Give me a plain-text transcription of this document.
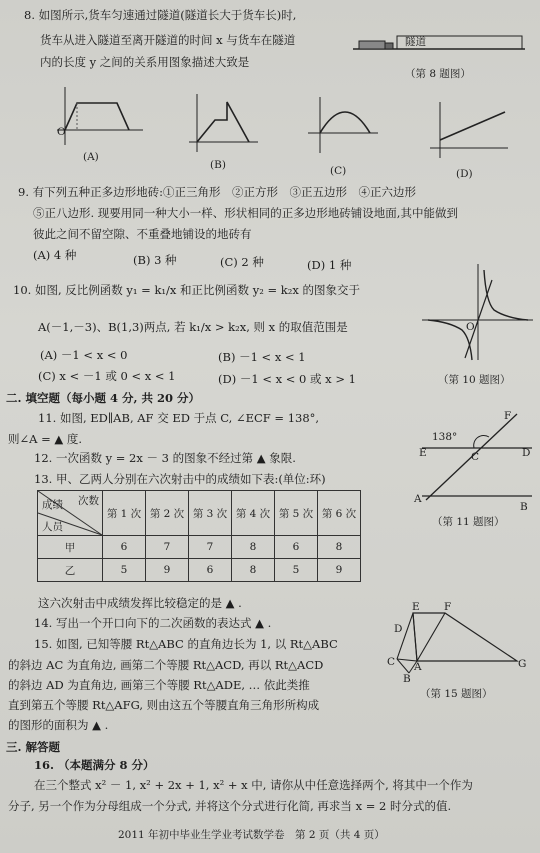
8. 如图所示,货车匀速通过隧道(隧道长大于货车长)时,
货车从进入隧道至离开隧道的时间 x 与货车在隧道
内的长度 y 之间的关系用图象描述大致是
隧道
（第 8 题图）
(A)
O
(B)	(C)	(D)
9. 有下列五种正多边形地砖:①正三角形　②正方形　③正五边形　④正六边形
⑤正八边形. 现要用同一种大小一样、形状相同的正多边形地砖铺设地面,其中能做到
彼此之间不留空隙、不重叠地铺设的地砖有
(A) 4 种	(B) 3 种	(C) 2 种	(D) 1 种
10. 如图, 反比例函数 y₁ = k₁/x 和正比例函数 y₂ = k₂x 的图象交于
A(－1,－3)、B(1,3)两点, 若 k₁/x > k₂x, 则 x 的取值范围是
(A) －1 < x < 0	(B) －1 < x < 1
(C) x < －1 或 0 < x < 1	(D) －1 < x < 0 或 x > 1
O
（第 10 题图）
二. 填空题（每小题 4 分, 共 20 分）
11. 如图, ED∥AB, AF 交 ED 于点 C, ∠ECF = 138°,
则∠A = ▲ 度.
12. 一次函数 y = 2x － 3 的图象不经过第 ▲ 象限.
13. 甲、乙两人分别在六次射击中的成绩如下表:(单位:环)
138°
F
E	C	D
A
B
（第 11 题图）
次数
成绩
人员	第 1 次	第 2 次	第 3 次	第 4 次	第 5 次	第 6 次
甲	6	7	7	8	6	8
乙	5	9	6	8	5	9
这六次射击中成绩发挥比较稳定的是 ▲ .
14. 写出一个开口向下的二次函数的表达式 ▲ .
15. 如图, 已知等腰 Rt△ABC 的直角边长为 1, 以 Rt△ABC
的斜边 AC 为直角边, 画第二个等腰 Rt△ACD, 再以 Rt△ACD
的斜边 AD 为直角边, 画第三个等腰 Rt△ADE, … 依此类推
直到第五个等腰 Rt△AFG, 则由这五个等腰直角三角形所构成
的图形的面积为 ▲ .
E F
D
C A
B
G
（第 15 题图）
三. 解答题
16. （本题满分 8 分）
在三个整式 x² － 1, x² + 2x + 1, x² + x 中, 请你从中任意选择两个, 将其中一个作为
分子, 另一个作为分母组成一个分式, 并将这个分式进行化简, 再求当 x = 2 时分式的值.
2011 年初中毕业生学业考试数学卷　第 2 页（共 4 页）
